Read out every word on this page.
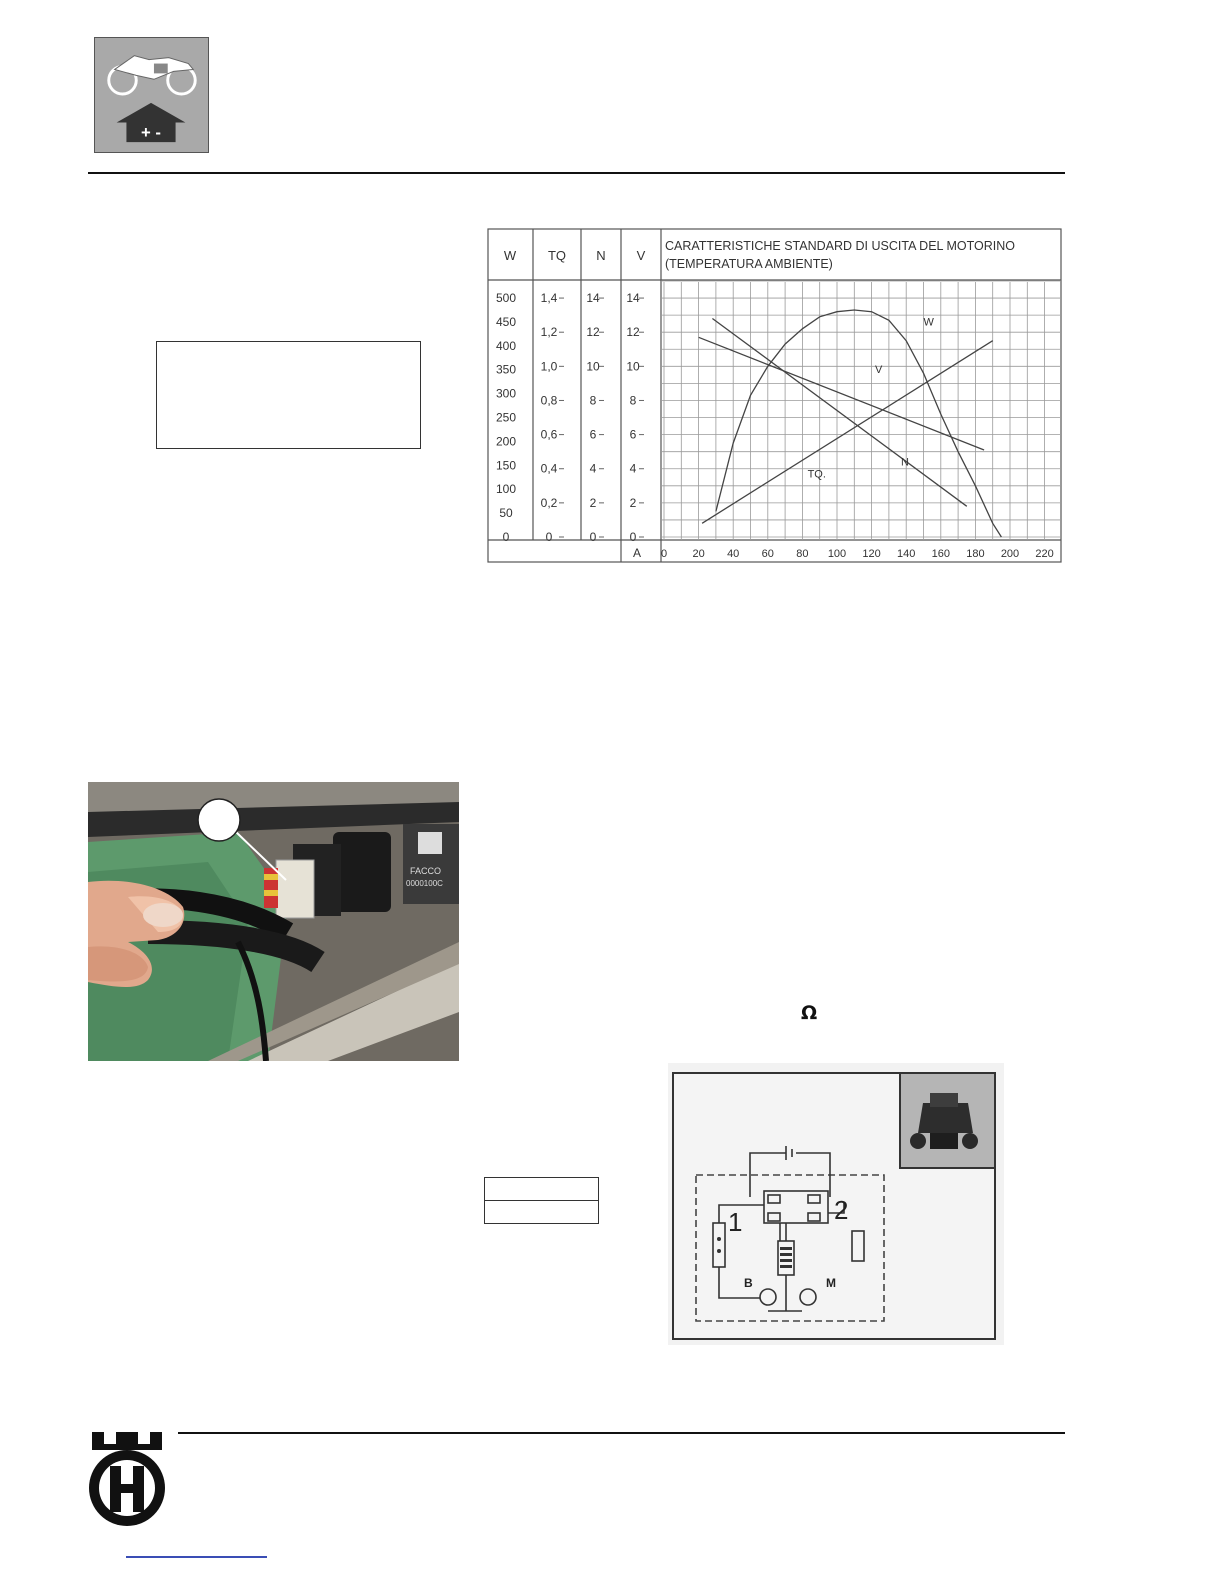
+ -
W
500
450
400
350
300
250
200
150
100
50
0
TQ
1,4
1,2
1,0
0,8
0,6
0,4
0,2
0
N
14
12
10
8
6
4
2
0
V
14
12
10
8
6
4
2
0
CARATTERISTICHE STANDARD DI USCITA DEL MOTORINO
(TEMPERATURA AMBIENTE)
A 0 20 40 60 80 100 120 140 160 180 200 220
W
V
N
TQ.
FACCO
0000100C
Ω

1	2
B	M
